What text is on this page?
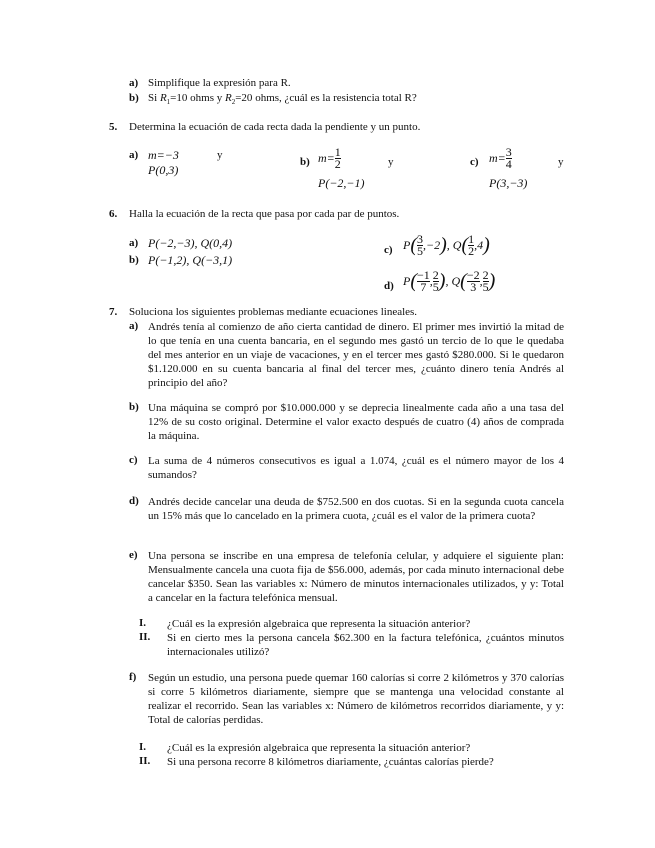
a) Simplifique la expresión para R.
b) Si $R_1=10$ ohms y $R_2=20$ ohms, ¿cuál es la resistencia total R?
5. Determina la ecuación de cada recta dada la pendiente y un punto.
a) m=−3	y
P(0,3)
b) $m= \frac{1}{2}$	y
P(−2,−1)
c) $m= \frac{3}{4}$	y
P(3,−3)
6. Halla la ecuación de la recta que pasa por cada par de puntos.
a) P(−2,−3), Q(0,4)
b) P(−1,2), Q(−3,1)
c) $P( \frac{3}{5} ,-2)$, $Q( \frac{1}{2} ,4)$
d) $P( \frac{-1}{7}$ , $\frac{2}{5}$ ), $Q( \frac{-2}{3}$ , $\frac{2}{5}$ )
7. Soluciona los siguientes problemas mediante ecuaciones lineales.
a) Andrés tenía al comienzo de año cierta cantidad de dinero. El primer mes invirtió la mitad de lo que tenía en una cuenta bancaria, en el segundo mes gastó un tercio de lo que le quedaba del mes anterior en un viaje de vacaciones, y en el tercer mes gastó $280.000. Si le quedaron $1.120.000 en su cuenta bancaria al final del tercer mes, ¿cuánto dinero tenía Andrés al principio del año?
b) Una máquina se compró por $10.000.000 y se deprecia linealmente cada año a una tasa del 12% de su costo original. Determine el valor exacto después de cuatro (4) años de comprada la máquina.
c) La suma de 4 números consecutivos es igual a 1.074, ¿cuál es el número mayor de los 4 sumandos?
d) Andrés decide cancelar una deuda de $752.500 en dos cuotas. Si en la segunda cuota cancela un 15% más que lo cancelado en la primera cuota, ¿cuál es el valor de la primera cuota?
e) Una persona se inscribe en una empresa de telefonía celular, y adquiere el siguiente plan: Mensualmente cancela una cuota fija de $56.000, además, por cada minuto internacional debe cancelar $350. Sean las variables x: Número de minutos internacionales utilizados, y y: Total a cancelar en la factura telefónica mensual.
I. ¿Cuál es la expresión algebraica que representa la situación anterior?
II. Si en cierto mes la persona cancela $62.300 en la factura telefónica, ¿cuántos minutos internacionales utilizó?
f) Según un estudio, una persona puede quemar 160 calorías si corre 2 kilómetros y 370 calorías si corre 5 kilómetros diariamente, siempre que se mantenga una velocidad constante al realizar el recorrido. Sean las variables x: Número de kilómetros recorridos diariamente, y y: Total de calorías perdidas.
I. ¿Cuál es la expresión algebraica que representa la situación anterior?
II. Si una persona recorre 8 kilómetros diariamente, ¿cuántas calorías pierde?
